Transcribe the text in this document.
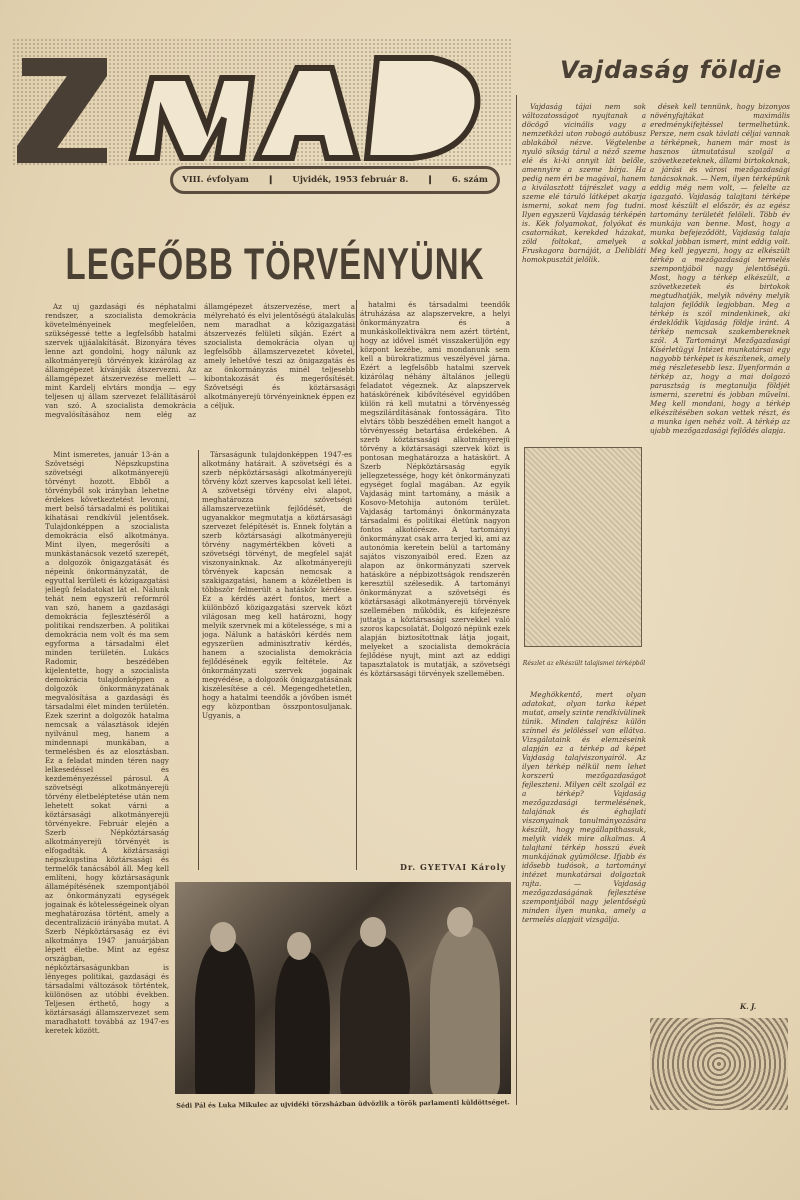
VIII. évfolyam ❙ Ujvidék, 1953 február 8. ❙ 6. szám
LEGFŐBB TÖRVÉNYÜNK

Az uj gazdasági és néphatalmi rendszer, a szocialista demokrácia követelményeinek megfelelően, szükségessé tette a legfelsőbb hatalmi szervek ujjáalakítását. Bizonyára téves lenne azt gondolni, hogy nálunk az alkotmányerejü törvények kizárólag az államgépezet kívánják átszervezni. Az államgépezet átszervezése mellett — mint Kardelj elvtárs mondja — egy teljesen uj állam szervezet felállításáról van szó. A szocialista demokrácia megvalósításához nem elég az államgépezet átszervezése, mert a mélyreható és elvi jelentőségü átalakulás nem maradhat a közigazgatási átszervezés felületi síkján. Ezért a szocialista demokrácia olyan uj legfelsőbb államszervezetet követel, amely lehetővé teszi az önigazgatás és az önkormányzás minél teljesebb kibontakozását és megerősítését. Szövetségi és köztársasági alkotmányerejü törvényeinknek éppen ez a céljuk.

Mint ismeretes, január 13-án a Szövetségi Népszkupstina szövetségi alkotmányerejü törvényt hozott. Ebből a törvényből sok irányban lehetne érdekes következtetést levonni, mert belső társadalmi és politikai kihatásai rendkívül jelentősek. Tulajdonképpen a szocialista demokrácia első alkotmánya. Mint ilyen, megerősíti a munkástanácsok vezető szerepét, a dolgozók önigazgatását és népeink önkormányzatát, de egyuttal kerületi és közigazgatási jellegü feladatokat lát el. Nálunk tehát nem egyszerü reformról van szó, hanem a gazdasági demokrácia fejlesztéséről a politikai rendszerben. A politikai demokrácia nem volt és ma sem egyforma a társadalmi élet minden területén. Lukács Radomir, beszédében kijelentette, hogy a szocialista demokrácia tulajdonképpen a dolgozók önkormányzatának megvalósítása a gazdasági és társadalmi élet minden területén. Ezek szerint a dolgozók hatalma nemcsak a választások idején nyilvánul meg, hanem a mindennapi munkában, a termelésben és az elosztásban. Ez a feladat minden téren nagy lelkesedéssel és kezdeményezéssel párosul. A szövetségi alkotmányerejü törvény életbeléptetése után nem lehetett sokat várni a köztársasági alkotmányerejü törvényekre. Február elején a Szerb Népköztársaság alkotmányerejü törvényét is elfogadták. A köztársasági népszkupstina köztársasági és termelők tanácsából áll. Meg kell említeni, hogy köztársaságunk államépítésének szempontjából az önkormányzati egységek jogainak és kötelességeinek olyan meghatározása történt, amely a decentralizáció irányába mutat. A Szerb Népköztársaság ez évi alkotmánya 1947 januárjában lépett életbe. Mint az egész országban, népköztársaságunkban is lényeges politikai, gazdasági és társadalmi változások történtek, különösen az utóbbi években. Teljesen érthető, hogy a köztársasági államszervezet sem maradhatott továbbá az 1947-es keretek között.

Társaságunk tulajdonképpen 1947-es alkotmány határait. A szövetségi és a szerb népköztársasági alkotmányerejü törvény közt szerves kapcsolat kell létei. A szövetségi törvény elvi alapot, meghatározza szövetségi államszervezetünk fejlődését, de ugyanakkor megmutatja a köztársasági szervezet felépítését is. Ennek folytán a szerb köztársasági alkotmányerejü törvény nagymértékben követi a szövetségi törvényt, de megfelel saját viszonyainknak. Az alkotmányerejü törvények kapcsán nemcsak a szakigazgatási, hanem a közéletben is többször felmerült a hatáskör kérdése. Ez a kérdés azért fontos, mert a különböző közigazgatási szervek közt világosan meg kell határozni, hogy melyik szervnek mi a kötelessége, s mi a joga. Nálunk a hatásköri kérdés nem egyszerüen adminisztratív kérdés, hanem a szocialista demokrácia fejlődésének egyik feltétele. Az önkormányzati szervek jogainak megvédése, a dolgozók önigazgatásának kiszélesítése a cél. Megengedhetetlen, hogy a hatalmi teendők a jövőben ismét egy központban összpontosuljanak. Ugyanis, a

hatalmi és társadalmi teendők átruházása az alapszervekre, a helyi önkormányzatra és a munkáskollektivákra nem azért történt, hogy az idővel ismét visszakerüljön egy központ kezébe, ami mondanunk sem kell a bürokratizmus veszélyével járna. Ezért a legfelsőbb hatalmi szervek kizárólag néhány általános jellegü feladatot végeznek. Az alapszervek hatáskörének kibővítésével egyidőben külön rá kell mutatni a törvényesség megszilárdításának fontosságára. Tito elvtárs több beszédében emelt hangot a törvényesség betartása érdekében. A szerb köztársasági alkotmányerejü törvény a köztársasági szervek közt is pontosan meghatározza a hatáskört. A Szerb Népköztársaság egyik jellegzetessége, hogy két önkormányzati egységet foglal magában. Az egyik Vajdaság mint tartomány, a másik a Kosovo-Metohija autonóm terület. Vajdaság tartományi önkormányzata társadalmi és politikai életünk nagyon fontos alkotórésze. A tartományi önkormányzat csak arra terjed ki, ami az autonómia keretein belül a tartomány sajátos viszonyaiból ered. Ezen az alapon az önkormányzati szervek hatásköre a népbizottságok rendszerén keresztül szélesedik. A tartományi önkormányzat a szövetségi és köztársasági alkotmányerejü törvények szellemében működik, és kifejezésre juttatja a köztársasági szervekkel való szoros kapcsolatát. Dolgozó népünk ezek alapján biztosítottnak látja jogait, melyeket a szocialista demokrácia fejlődése nyujt, mint azt az eddigi tapasztalatok is mutatják, a szövetségi és köztársasági törvények szellemében.

Dr. GYETVAI Károly
Sédi Pál és Luka Mikulec az ujvidéki törzsházban üdvözlik a török parlamenti küldöttséget.
Vajdaság földje

Vajdaság tájai nem sok változatosságot nyujtanak a döcögő vicinális vagy a nemzetközi uton robogó autóbusz ablakából nézve. Végtelenbe nyuló síkság tárul a néző szeme elé és ki-ki annyit lát belőle, amennyire a szeme bírja. Ha pedig nem éri be magával, hanem a kiválasztott tájrészlet vagy a szeme elé táruló látképet akarja ismerni, sokat nem fog tudni. Ilyen egyszerü Vajdaság térképén is. Kék folyamokat, folyókat és csatornákat, kerekded házakat, zöld foltokat, amelyek a Fruskagora barnáját, a Delibláti homokpusztát jelölik.

Részlet az elkészült talajismei térképből

Meghökkentő, mert olyan adatokat, olyan tarka képet mutat, amely szinte rendkívülinek tünik. Minden talajrész külön színnel és jelöléssel van ellátva. Vizsgálataink és elemzéseink alapján ez a térkép ad képet Vajdaság talajviszonyairól. Az ilyen térkép nélkül nem lehet korszerü mezőgazdaságot fejleszteni. Milyen célt szolgál ez a térkép? Vajdaság mezőgazdasági termelésének, talajának és éghajlati viszonyainak tanulmányozására készült, hogy megállapíthassuk, melyik vidék mire alkalmas. A talajtani térkép hosszú évek munkájának gyümölcse. Ifjabb és idősebb tudósok, a tartományi intézet munkatársai dolgoztak rajta. — Vajdaság mezőgazdaságának fejlesztése szempontjából nagy jelentőségü minden ilyen munka, amely a termelés alapjait vizsgálja.

dések kell tennünk, hogy bizonyos növényfajtákat maximális eredménykifejtéssel termelhetünk. Persze, nem csak távlati céljai vannak a térképnek, hanem már most is hasznos útmutatásul szolgál a szövetkezeteknek, állami birtokoknak, a járási és városi mezőgazdasági tanácsoknak. — Nem, ilyen térképünk eddig még nem volt, — felelte az igazgató. Vajdaság talajtani térképe most készült el először, és az egész tartomány területét felöleli. Több év munkája van benne. Most, hogy a munka befejeződött, Vajdaság talaja sokkal jobban ismert, mint eddig volt. Meg kell jegyezni, hogy az elkészült térkép a mezőgazdasági termelés szempontjából nagy jelentőségü. Most, hogy a térkép elkészült, a szövetkezetek és birtokok megtudhatják, melyik növény melyik talajon fejlődik legjobban. Meg a térkép is szól mindenkinek, aki érdeklődik Vajdaság földje iránt. A térkép nemcsak szakembereknek szól. A Tartományi Mezőgazdasági Kísérletügyi Intézet munkatársai egy nagyobb térképet is készítenek, amely még részletesebb lesz. Ilyenformán a térkép az, hogy a mai dolgozó parasztság is megtanulja földjét ismerni, szeretni és jobban művelni. Meg kell mondani, hogy a térkép elkészítésében sokan vettek részt, és a munka igen nehéz volt. A térkép az ujabb mezőgazdasági fejlődés alapja.

K. J.
